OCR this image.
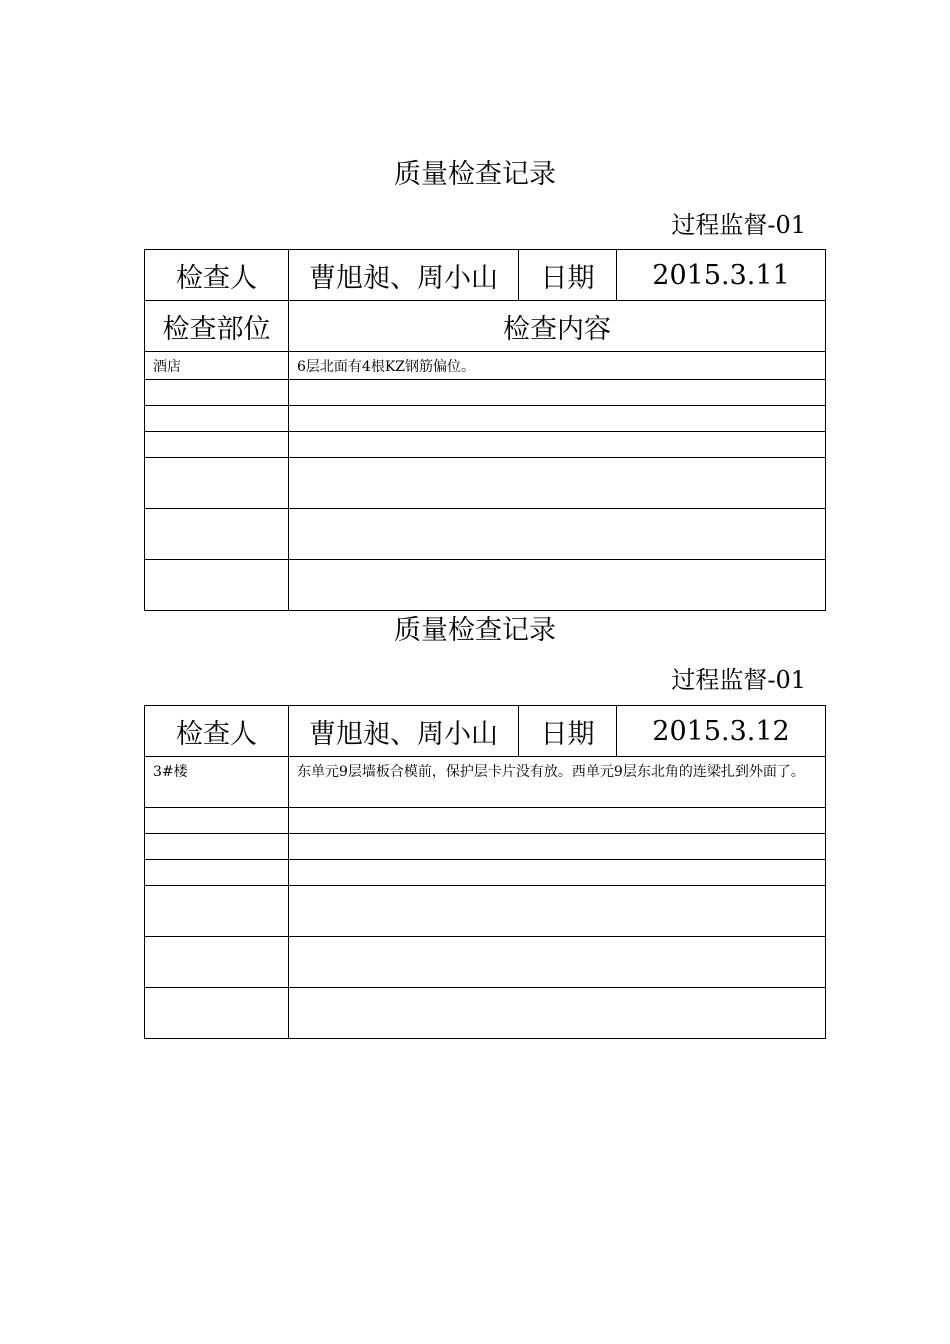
质量检查记录
过程监督-01
检查人	曹旭昶、周小山	日期	2015.3.11
检查部位	检查内容		
酒店	6层北面有4根KZ钢筋偏位。		

质量检查记录
过程监督-01
检查人	曹旭昶、周小山	日期	2015.3.12
3#楼	东单元9层墙板合模前，保护层卡片没有放。西单元9层东北角的连梁扎到外面了。		
